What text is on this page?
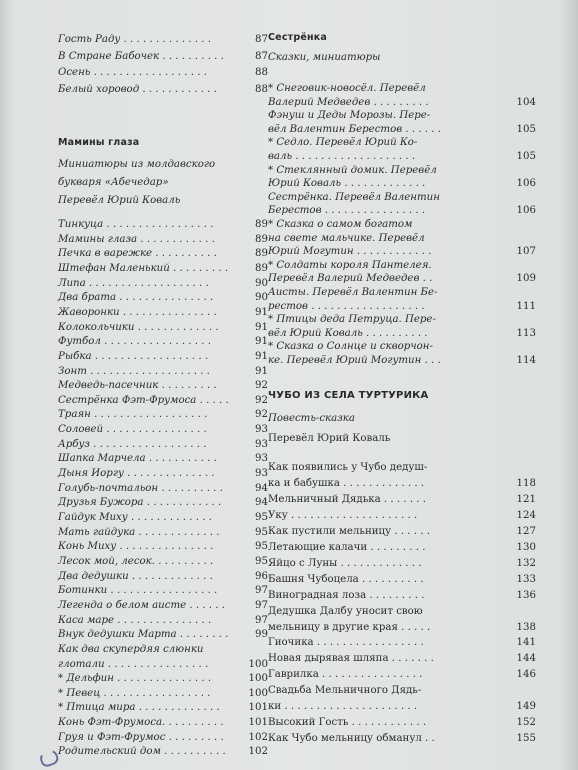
Гость Раду . . . . . . . . . . . . . .	87
В Стране Бабочек . . . . . . . . . .	87
Осень . . . . . . . . . . . . . . . . . .	88
Белый хоровод . . . . . . . . . . . .	88
Мамины глаза
Миниатюры из молдавского
букваря «Абечедар»
Перевёл Юрий Коваль
Тинкуца . . . . . . . . . . . . . . . . .	89
Мамины глаза . . . . . . . . . . . .	89
Печка в варежке . . . . . . . . . .	89
Штефан Маленький . . . . . . . . .	89
Липа . . . . . . . . . . . . . . . . . . .	90
Два брата . . . . . . . . . . . . . . .	90
Жаворонки . . . . . . . . . . . . . . .	91
Колокольчики . . . . . . . . . . . . .	91
Футбол . . . . . . . . . . . . . . . . .	91
Рыбка . . . . . . . . . . . . . . . . . .	91
Зонт . . . . . . . . . . . . . . . . . . .	91
Медведь-пасечник . . . . . . . . .	92
Сестрёнка Фэт-Фрумоса . . . . .	92
Траян . . . . . . . . . . . . . . . . . .	92
Соловей . . . . . . . . . . . . . . . .	93
Арбуз . . . . . . . . . . . . . . . . . .	93
Шапка Марчела . . . . . . . . . . .	93
Дыня Иоргу . . . . . . . . . . . . . .	93
Голубь-почтальон . . . . . . . . . .	94
Друзья Бужора . . . . . . . . . . . .	94
Гайдук Миху . . . . . . . . . . . . .	95
Мать гайдука . . . . . . . . . . . . .	95
Конь Миху . . . . . . . . . . . . . . .	95
Лесок мой, лесок. . . . . . . . . .	95
Два дедушки . . . . . . . . . . . . .	96
Ботинки . . . . . . . . . . . . . . . . .	97
Легенда о белом аисте . . . . . .	97
Каса маре . . . . . . . . . . . . . . .	97
Внук дедушки Марта . . . . . . . .	99
Как два скупердяя слюнки
глотали . . . . . . . . . . . . . . . .	100
* Дельфин . . . . . . . . . . . . . . .	100
* Певец . . . . . . . . . . . . . . . . .	100
* Птица мира . . . . . . . . . . . . .	101
Конь Фэт-Фрумоса. . . . . . . . . . 101
Груя и Фэт-Фрумос . . . . . . . . . 102
Родительский дом . . . . . . . . . . 102
Сестрёнка
Сказки, миниатюры
* Снеговик-новосёл. Перевёл
Валерий Медведев . . . . . . . . .	104
Фэнуш и Деды Морозы. Пере-
вёл Валентин Берестов . . . . . .	105
* Седло. Перевёл Юрий Ко-
валь . . . . . . . . . . . . . . . . . . .	105
* Стеклянный домик. Перевёл
Юрий Коваль . . . . . . . . . . . . .	106
Сестрёнка. Перевёл Валентин
Берестов . . . . . . . . . . . . . . . .	106
* Сказка о самом богатом
на свете мальчике. Перевёл
Юрий Могутин . . . . . . . . . . . .	107
* Солдаты короля Пантелея.
Перевёл Валерий Медведев . .	109
Аисты. Перевёл Валентин Бе-
рестов . . . . . . . . . . . . . . . . . .	111
* Птицы деда Петруца. Пере-
вёл Юрий Коваль . . . . . . . . . .	113
* Сказка о Солнце и скворчон-
ке. Перевёл Юрий Могутин . . .	114
ЧУБО ИЗ СЕЛА ТУРТУРИКА
Повесть-сказка
Перевёл Юрий Коваль
Как появились у Чубо дедуш-
ка и бабушка . . . . . . . . . . . . .	118
Мельничный Дядька . . . . . . .	121
Уку . . . . . . . . . . . . . . . . . . . .	124
Как пустили мельницу . . . . . .	127
Летающие калачи . . . . . . . . .	130
Яйцо с Луны . . . . . . . . . . . . .	132
Башня Чубоцела . . . . . . . . . .	133
Виноградная лоза . . . . . . . . .	136
Дедушка Далбу уносит свою
мельницу в другие края . . . . .	138
Гиочика . . . . . . . . . . . . . . . . .	141
Новая дырявая шляпа . . . . . . .	144
Гаврилка . . . . . . . . . . . . . . . .	146
Свадьба Мельничного Дядь-
ки . . . . . . . . . . . . . . . . . . . . .	149
Высокий Гость . . . . . . . . . . . .	152
Как Чубо мельницу обманул . .	155
